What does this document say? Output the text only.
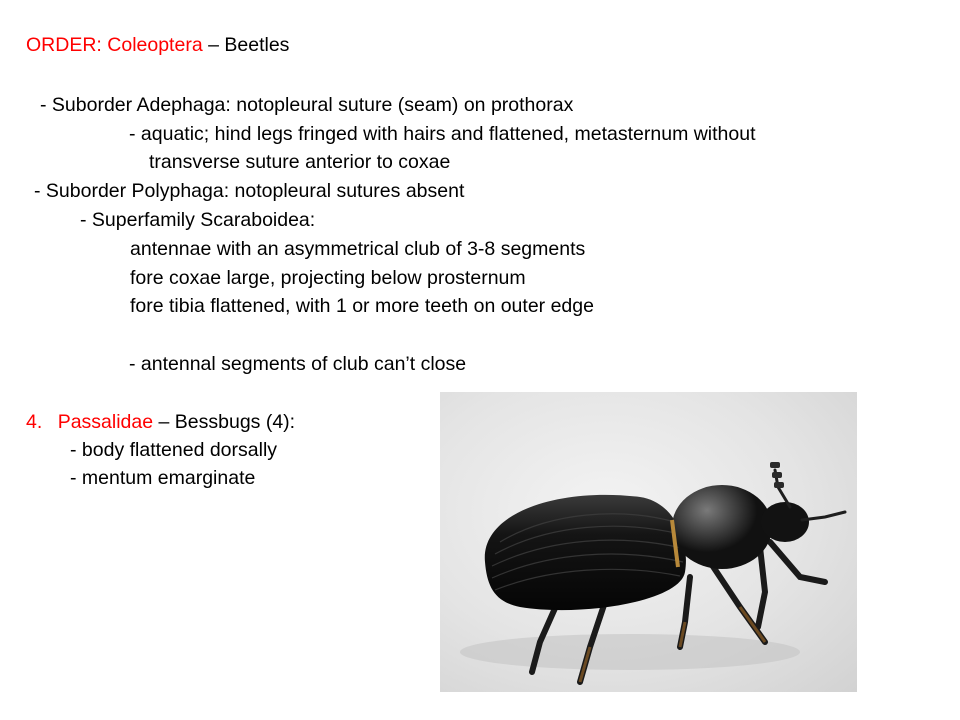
ORDER: Coleoptera – Beetles
- Suborder Adephaga: notopleural suture (seam) on prothorax
- aquatic; hind legs fringed with hairs and flattened, metasternum without
transverse suture anterior to coxae
- Suborder Polyphaga: notopleural sutures absent
- Superfamily Scaraboidea:
antennae with an asymmetrical club of 3-8 segments
fore coxae large, projecting below prosternum
fore tibia flattened, with 1 or more teeth on outer edge
- antennal segments of club can’t close
4. Passalidae – Bessbugs (4):
- body flattened dorsally
- mentum emarginate
